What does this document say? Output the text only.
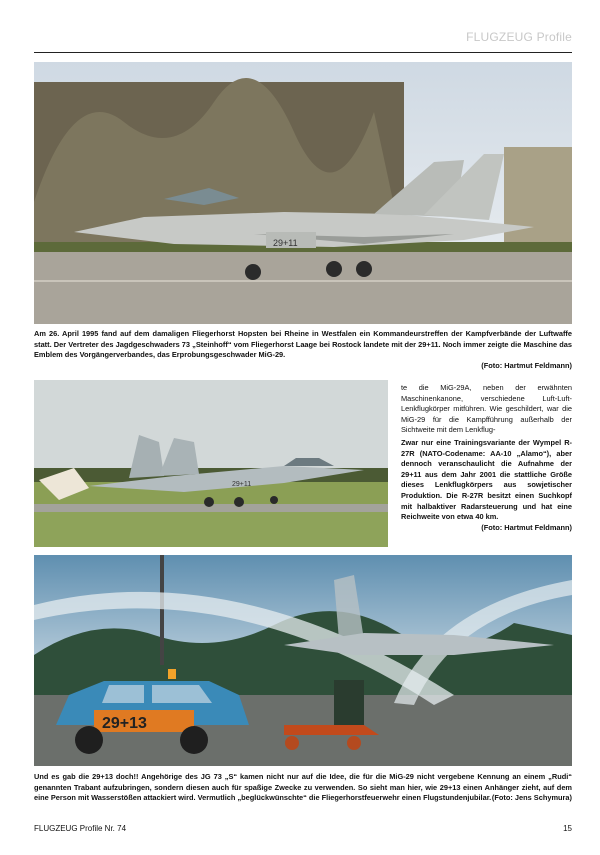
FLUGZEUG Profile
29+11
Am 26. April 1995 fand auf dem damaligen Fliegerhorst Hopsten bei Rheine in Westfalen ein Kommandeurstreffen der Kampfverbände der Luftwaffe statt. Der Vertreter des Jagdgeschwaders 73 „Steinhoff“ vom Fliegerhorst Laage bei Rostock landete mit der 29+11. Noch immer zeigte die Maschine das Emblem des Vorgängerverbandes, das Erprobungsgeschwader MiG-29.
(Foto: Hartmut Feldmann)
29+11
te die MiG-29A, neben der erwähnten Maschinenkanone, verschiedene Luft-Luft-Lenkflugkörper mitführen. Wie geschildert, war die MiG-29 für die Kampfführung außerhalb der Sichtweite mit dem Lenkflug-
Zwar nur eine Trainingsvariante der Wympel R-27R (NATO-Codename: AA-10 „Alamo“), aber dennoch veranschaulicht die Aufnahme der 29+11 aus dem Jahr 2001 die stattliche Größe dieses Lenkflugkörpers aus sowjetischer Produktion. Die R-27R besitzt einen Suchkopf mit halbaktiver Radarsteuerung und hat eine Reichweite von etwa 40 km.
(Foto: Hartmut Feldmann)
29+13
Und es gab die 29+13 doch!! Angehörige des JG 73 „S“ kamen nicht nur auf die Idee, die für die MiG-29 nicht vergebene Kennung an einem „Rudi“ genannten Trabant aufzubringen, sondern diesen auch für spaßige Zwecke zu verwenden. So sieht man hier, wie 29+13 einen Anhänger zieht, auf dem eine Person mit Wasserstößen attackiert wird. Vermutlich „beglückwünschte“ die Fliegerhorstfeuerwehr einen Flugstundenjubilar. (Foto: Jens Schymura)
FLUGZEUG Profile Nr. 74	15
